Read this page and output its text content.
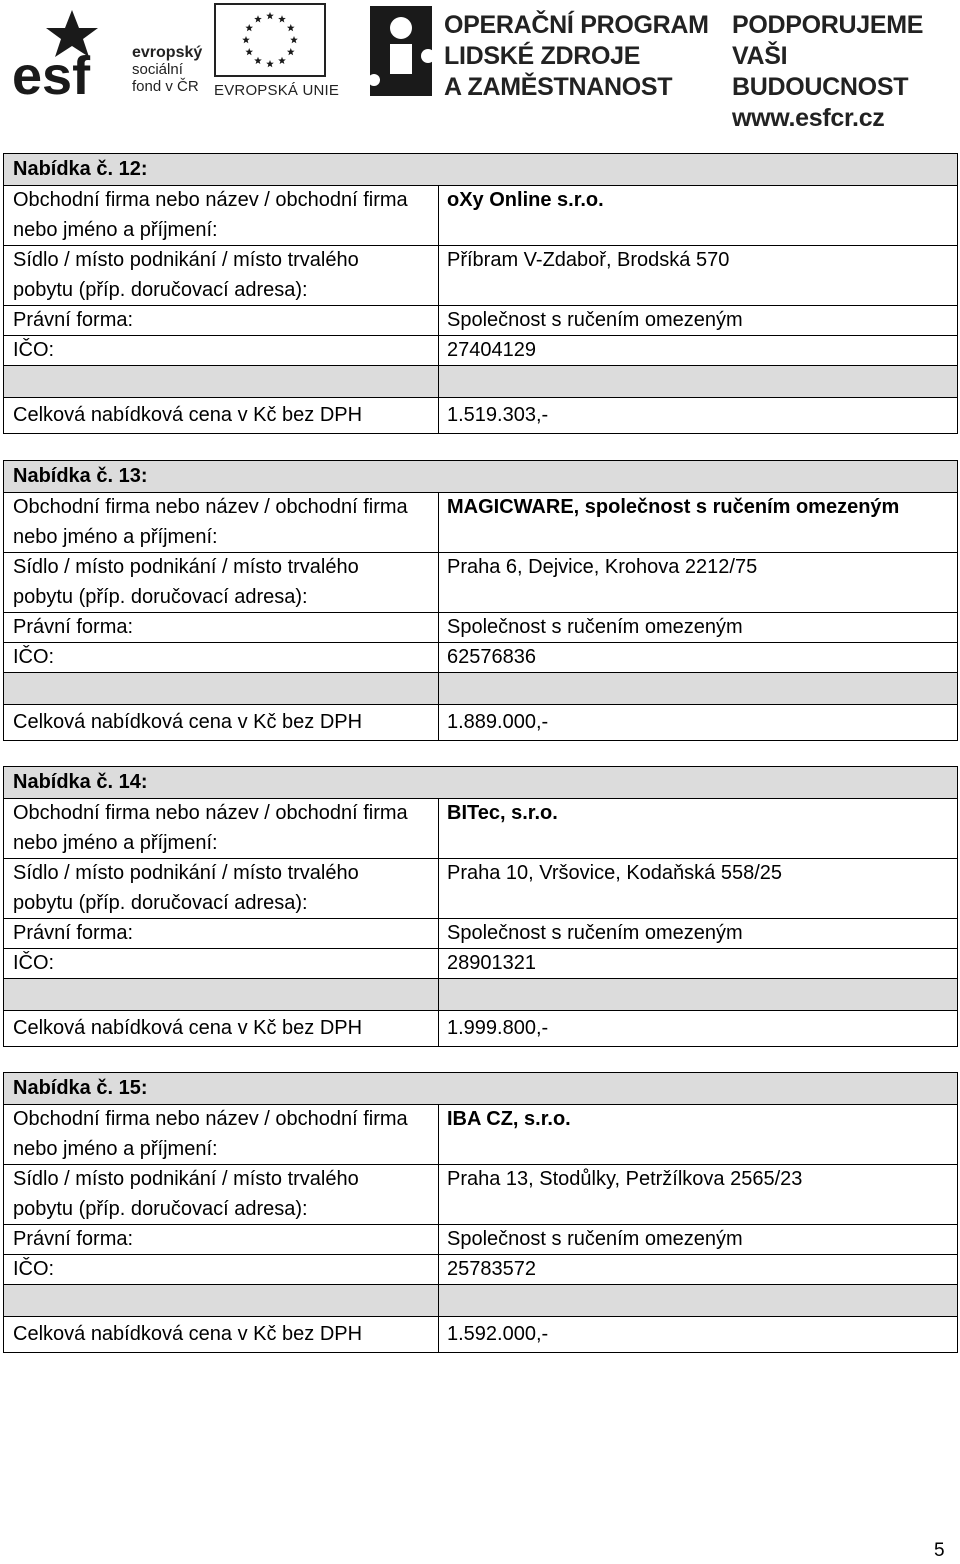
esf	evropský
sociální
fond v ČR EVROPSKÁ UNIE
OPERAČNÍ PROGRAM
LIDSKÉ ZDROJE
A ZAMĚSTNANOST
PODPORUJEME
VAŠI BUDOUCNOST
www.esfcr.cz
Nabídka č. 12:
Obchodní firma nebo název / obchodní firma
nebo jméno a příjmení:
oXy Online s.r.o.
Sídlo / místo podnikání / místo trvalého
pobytu (příp. doručovací adresa):
Příbram V-Zdaboř, Brodská 570
Právní forma:	Společnost s ručením omezeným
IČO:	27404129
Celková nabídková cena v Kč bez DPH	1.519.303,-
Nabídka č. 13:
Obchodní firma nebo název / obchodní firma
nebo jméno a příjmení:
MAGICWARE, společnost s ručením omezeným
Sídlo / místo podnikání / místo trvalého
pobytu (příp. doručovací adresa):
Praha 6, Dejvice, Krohova 2212/75
Právní forma:	Společnost s ručením omezeným
IČO:	62576836
Celková nabídková cena v Kč bez DPH	1.889.000,-
Nabídka č. 14:
Obchodní firma nebo název / obchodní firma
nebo jméno a příjmení:
BITec, s.r.o.
Sídlo / místo podnikání / místo trvalého
pobytu (příp. doručovací adresa):
Praha 10, Vršovice, Kodaňská 558/25
Právní forma:	Společnost s ručením omezeným
IČO:	28901321
Celková nabídková cena v Kč bez DPH	1.999.800,-
Nabídka č. 15:
Obchodní firma nebo název / obchodní firma
nebo jméno a příjmení:
IBA CZ, s.r.o.
Sídlo / místo podnikání / místo trvalého
pobytu (příp. doručovací adresa):
Praha 13, Stodůlky, Petržílkova 2565/23
Právní forma:	Společnost s ručením omezeným
IČO:	25783572
Celková nabídková cena v Kč bez DPH	1.592.000,-
5
